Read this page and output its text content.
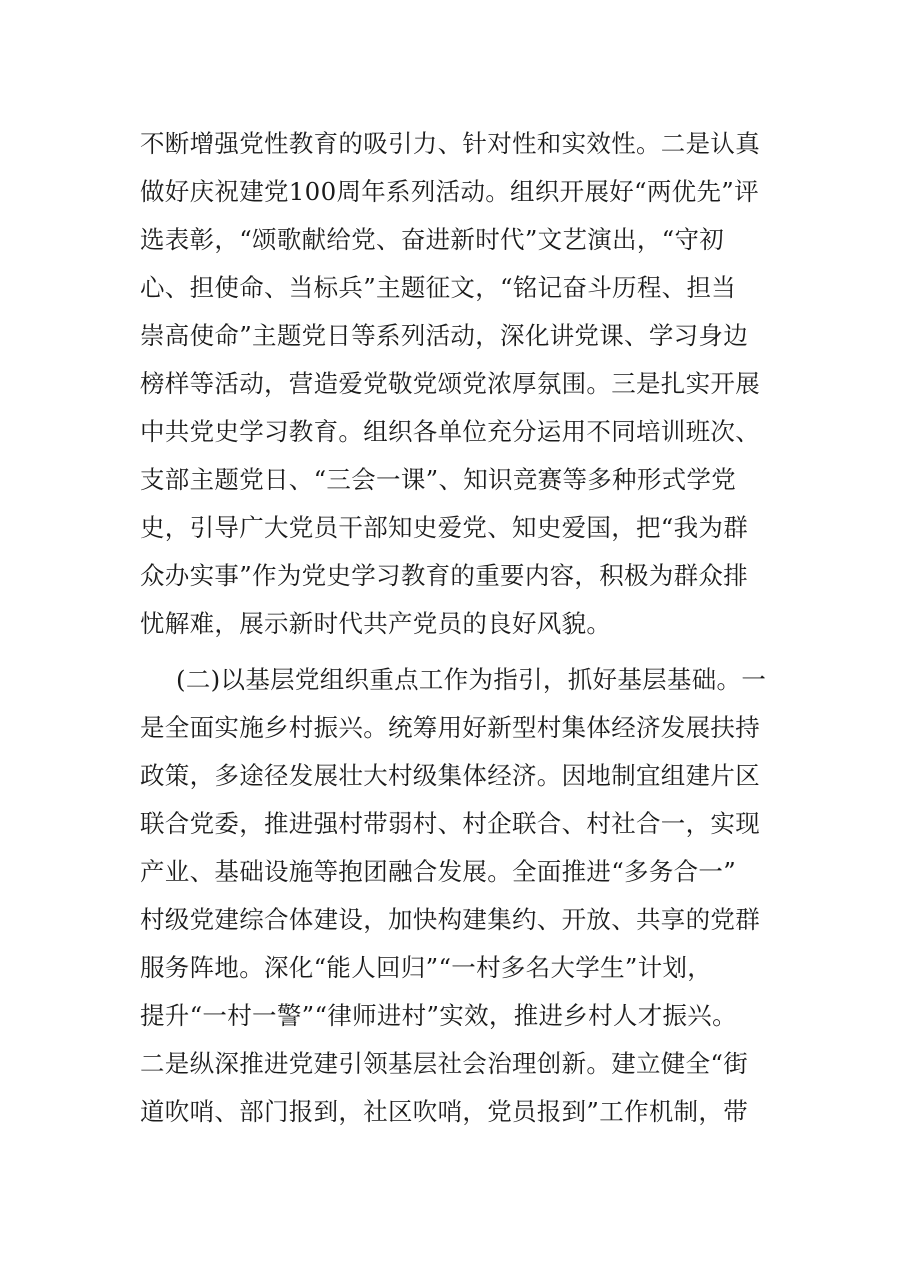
不断增强党性教育的吸引力、针对性和实效性。二是认真
做好庆祝建党100周年系列活动。组织开展好“两优先”评
选表彰，“颂歌献给党、奋进新时代”文艺演出，“守初
心、担使命、当标兵”主题征文，“铭记奋斗历程、担当
崇高使命”主题党日等系列活动，深化讲党课、学习身边
榜样等活动，营造爱党敬党颂党浓厚氛围。三是扎实开展
中共党史学习教育。组织各单位充分运用不同培训班次、
支部主题党日、“三会一课”、知识竞赛等多种形式学党
史，引导广大党员干部知史爱党、知史爱国，把“我为群
众办实事”作为党史学习教育的重要内容，积极为群众排
忧解难，展示新时代共产党员的良好风貌。
(二)以基层党组织重点工作为指引，抓好基层基础。一
是全面实施乡村振兴。统筹用好新型村集体经济发展扶持
政策，多途径发展壮大村级集体经济。因地制宜组建片区
联合党委，推进强村带弱村、村企联合、村社合一，实现
产业、基础设施等抱团融合发展。全面推进“多务合一”
村级党建综合体建设，加快构建集约、开放、共享的党群
服务阵地。深化“能人回归”“一村多名大学生”计划，
提升“一村一警”“律师进村”实效，推进乡村人才振兴。
二是纵深推进党建引领基层社会治理创新。建立健全“街
道吹哨、部门报到，社区吹哨，党员报到”工作机制，带
